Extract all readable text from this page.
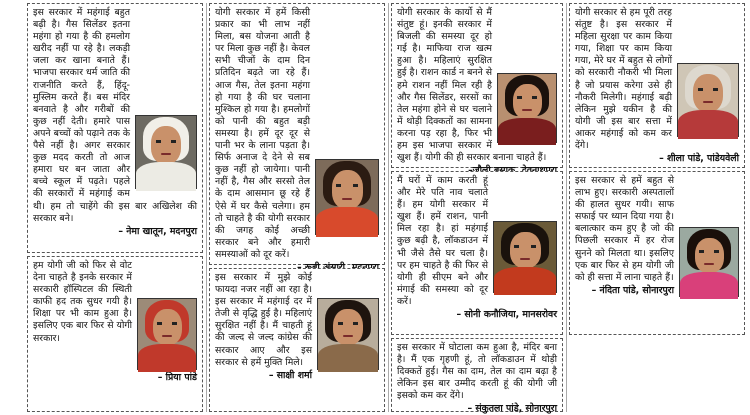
इस सरकार में महंगाई बहुत बढ़ी है। गैस सिलेंडर इतना महंगा हो गया है की हमलोग खरीद नहीं पा रहे है। लकड़ी जला कर खाना बनाते हैं। भाजपा सरकार धर्म जाति की राजनीति करते हैं, हिंदू-मुस्लिम करते हैं। बस मंदिर बनवाते है और गरीबों की कुछ नहीं देती। हमारे पास अपने बच्चों को पढ़ाने तक के पैसे नहीं है। अगर सरकार कुछ मदद करती तो आज हमारा घर बन जाता और बच्चे स्कूल में पढ़ते। पहले की सरकारों में महंगाई कम थी। हम तो चाहेंगे की इस बार अखिलेश की सरकार बने।
– नेमा खातून, मदनपुरा
हम योगी जी को फिर से वोट देना चाहते है इनके सरकार में सरकारी हॉस्पिटल की स्थिती काफी हद तक सुधर गयी है। शिक्षा पर भी काम हुआ है। इसलिए एक बार फिर से योगी सरकार।
– प्रिया पांडे
योगी सरकार में हमें किसी प्रकार का भी लाभ नहीं मिला, बस योजना आती है पर मिला कुछ नहीं है। केवल सभी चीजों के दाम दिन प्रतिदिन बढ़ते जा रहे हैं। आज गैस, तेल इतना महंगा हो गया है की घर चलाना मुश्किल हो गया है। हमलोगों को पानी की बहुत बड़ी समस्या है। हमें दूर दूर से पानी भर के लाना पड़ता है। सिर्फ अनाज दे देने से सब कुछ नहीं हो जायेगा। पानी नहीं है, गैस और सरसो तेल के दाम आसमान छू रहे हैं ऐसे में घर कैसे चलेगा। हम तो चाहते है की योगी सरकार की जगह कोई अच्छी सरकार बने और हमारी समस्याओं को दूर करें।
इस सरकार में मुझे कोई फायदा नजर नहीं आ रहा है। इस सरकार में महंगाई दर में तेजी से वृद्धि हुई है। महिलाएं सुरक्षित नहीं है। मैं चाहती हूं की जल्द से जल्द कांग्रेस की सरकार आए और इस सरकार से हमें मुक्ति मिले।
– साक्षी शर्मा
योगी सरकार के कार्यो से मैं संतुष्ट हूं। इनकी सरकार में बिजली की समस्या दूर हो गई है। माफिया राज खत्म हुआ है। महिलाएं सुरक्षित हुई है। राशन कार्ड न बनने से हमे राशन नहीं मिल रही है और गैस सिलेंडर, सरसों का तेल महंगा होने से घर चलाने में थोड़ी दिक्कतों का सामना करना पड़ रहा है, फिर भी हम इस भाजपा सरकार में खुश हैं। योगी की ही सरकार बनाना चाहते हैं।
मैं घरों में काम करती हूं और मेरे पति नाव चलाते हैं। हम योगी सरकार में खुश हैं। हमें राशन, पानी मिल रहा है। हां महंगाई कुछ बढ़ी है, लॉकडाउन में भी जैसे तैसे घर चला है। पर हम चाहते है की फिर से योगी ही सीएम बने और मंगाई की समस्या को दूर करें।
– सोनी कनौजिया, मानसरोवर
इस सरकार में घोटाला कम हुआ है, मंदिर बना है। मैं एक गृहणी हूं, तो लॉकडाउन में थोड़ी दिक्कतें हुई। गैस का दाम, तेल का दाम बढ़ा है लेकिन इस बार उम्मीद करती हूं की योगी जी इसको कम कर देंगे।
– संकुतला पांडे, सोनारपुरा
योगी सरकार से हम पूरी तरह संतुष्ट है। इस सरकार में महिला सुरक्षा पर काम किया गया, शिक्षा पर काम किया गया, मेरे घर में बहुत से लोगों को सरकारी नौकरी भी मिला है जो प्रयास करेगा उसे ही नौकरी मिलेगी। महंगाई बढ़ी लेकिन मुझे यकीन है की योगी जी इस बार सत्ता में आकर महंगाई को कम कर देंगे।
– शीला पांडे, पांडेयवेली
इस सरकार से हमें बहुत से लाभ हुए। सरकारी अस्पतालों की हालत सुधर गयी। साफ सफाई पर ध्यान दिया गया है। बलात्कार कम हुए है जो की पिछली सरकार में हर रोज सुनने को मिलता था। इसलिए एक बार फिर से हम योगी जी को ही सत्ता में लाना चाहते हैं।
– नंदिता पांडे, सोनारपुरा
